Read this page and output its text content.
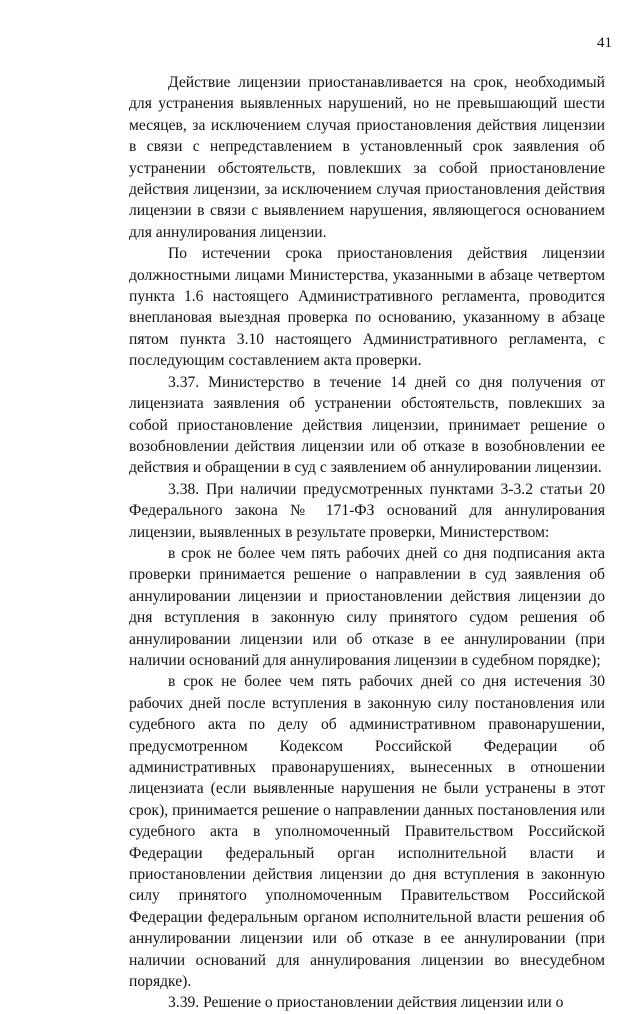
41

Действие лицензии приостанавливается на срок, необходимый для устранения выявленных нарушений, но не превышающий шести месяцев, за исключением случая приостановления действия лицензии в связи с непредставлением в установленный срок заявления об устранении обстоятельств, повлекших за собой приостановление действия лицензии, за исключением случая приостановления действия лицензии в связи с выявлением нарушения, являющегося основанием для аннулирования лицензии.

По истечении срока приостановления действия лицензии должностными лицами Министерства, указанными в абзаце четвертом пункта 1.6 настоящего Административного регламента, проводится внеплановая выездная проверка по основанию, указанному в абзаце пятом пункта 3.10 настоящего Административного регламента, с последующим составлением акта проверки.

3.37. Министерство в течение 14 дней со дня получения от лицензиата заявления об устранении обстоятельств, повлекших за собой приостановление действия лицензии, принимает решение о возобновлении действия лицензии или об отказе в возобновлении ее действия и обращении в суд с заявлением об аннулировании лицензии.

3.38. При наличии предусмотренных пунктами 3-3.2 статьи 20 Федерального закона № 171-ФЗ оснований для аннулирования лицензии, выявленных в результате проверки, Министерством:

в срок не более чем пять рабочих дней со дня подписания акта проверки принимается решение о направлении в суд заявления об аннулировании лицензии и приостановлении действия лицензии до дня вступления в законную силу принятого судом решения об аннулировании лицензии или об отказе в ее аннулировании (при наличии оснований для аннулирования лицензии в судебном порядке);

в срок не более чем пять рабочих дней со дня истечения 30 рабочих дней после вступления в законную силу постановления или судебного акта по делу об административном правонарушении, предусмотренном Кодексом Российской Федерации об административных правонарушениях, вынесенных в отношении лицензиата (если выявленные нарушения не были устранены в этот срок), принимается решение о направлении данных постановления или судебного акта в уполномоченный Правительством Российской Федерации федеральный орган исполнительной власти и приостановлении действия лицензии до дня вступления в законную силу принятого уполномоченным Правительством Российской Федерации федеральным органом исполнительной власти решения об аннулировании лицензии или об отказе в ее аннулировании (при наличии оснований для аннулирования лицензии во внесудебном порядке).

3.39. Решение о приостановлении действия лицензии или о
